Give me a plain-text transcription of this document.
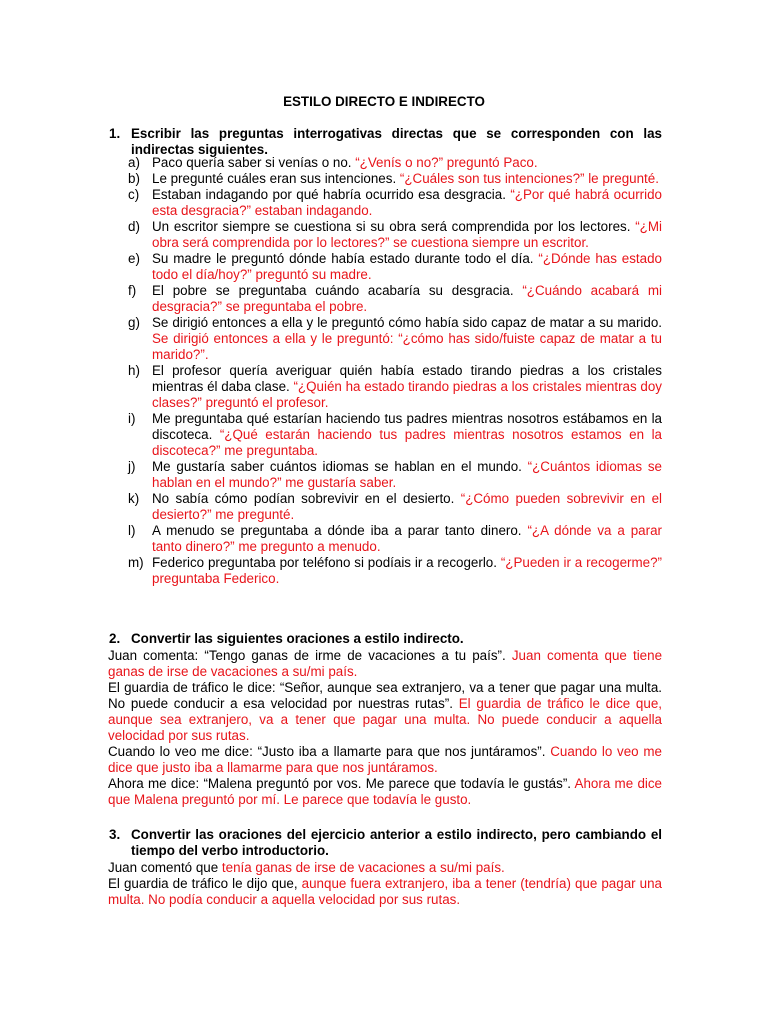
ESTILO DIRECTO E INDIRECTO
1. Escribir las preguntas interrogativas directas que se corresponden con las indirectas siguientes.
a) Paco quería saber si venías o no. “¿Venís o no?” preguntó Paco.

b) Le pregunté cuáles eran sus intenciones. “¿Cuáles son tus intenciones?” le pregunté.

c) Estaban indagando por qué habría ocurrido esa desgracia. “¿Por qué habrá ocurrido esta desgracia?” estaban indagando.

d) Un escritor siempre se cuestiona si su obra será comprendida por los lectores. “¿Mi obra será comprendida por lo lectores?” se cuestiona siempre un escritor.

e) Su madre le preguntó dónde había estado durante todo el día. “¿Dónde has estado todo el día/hoy?” preguntó su madre.

f) El pobre se preguntaba cuándo acabaría su desgracia. “¿Cuándo acabará mi desgracia?” se preguntaba el pobre.

g) Se dirigió entonces a ella y le preguntó cómo había sido capaz de matar a su marido. Se dirigió entonces a ella y le preguntó: “¿cómo has sido/fuiste capaz de matar a tu marido?”.

h) El profesor quería averiguar quién había estado tirando piedras a los cristales mientras él daba clase. “¿Quién ha estado tirando piedras a los cristales mientras doy clases?” preguntó el profesor.

i) Me preguntaba qué estarían haciendo tus padres mientras nosotros estábamos en la discoteca. “¿Qué estarán haciendo tus padres mientras nosotros estamos en la discoteca?” me preguntaba.

j) Me gustaría saber cuántos idiomas se hablan en el mundo. “¿Cuántos idiomas se hablan en el mundo?” me gustaría saber.

k) No sabía cómo podían sobrevivir en el desierto. “¿Cómo pueden sobrevivir en el desierto?” me pregunté.

l) A menudo se preguntaba a dónde iba a parar tanto dinero. “¿A dónde va a parar tanto dinero?” me pregunto a menudo.

m) Federico preguntaba por teléfono si podíais ir a recogerlo. “¿Pueden ir a recogerme?” preguntaba Federico.

2. Convertir las siguientes oraciones a estilo indirecto.

Juan comenta: “Tengo ganas de irme de vacaciones a tu país”. Juan comenta que tiene ganas de irse de vacaciones a su/mi país.

El guardia de tráfico le dice: “Señor, aunque sea extranjero, va a tener que pagar una multa. No puede conducir a esa velocidad por nuestras rutas”. El guardia de tráfico le dice que, aunque sea extranjero, va a tener que pagar una multa. No puede conducir a aquella velocidad por sus rutas.

Cuando lo veo me dice: “Justo iba a llamarte para que nos juntáramos”. Cuando lo veo me dice que justo iba a llamarme para que nos juntáramos.

Ahora me dice: “Malena preguntó por vos. Me parece que todavía le gustás”. Ahora me dice que Malena preguntó por mí. Le parece que todavía le gusto.

3. Convertir las oraciones del ejercicio anterior a estilo indirecto, pero cambiando el tiempo del verbo introductorio.

Juan comentó que tenía ganas de irse de vacaciones a su/mi país.

El guardia de tráfico le dijo que, aunque fuera extranjero, iba a tener (tendría) que pagar una multa. No podía conducir a aquella velocidad por sus rutas.
